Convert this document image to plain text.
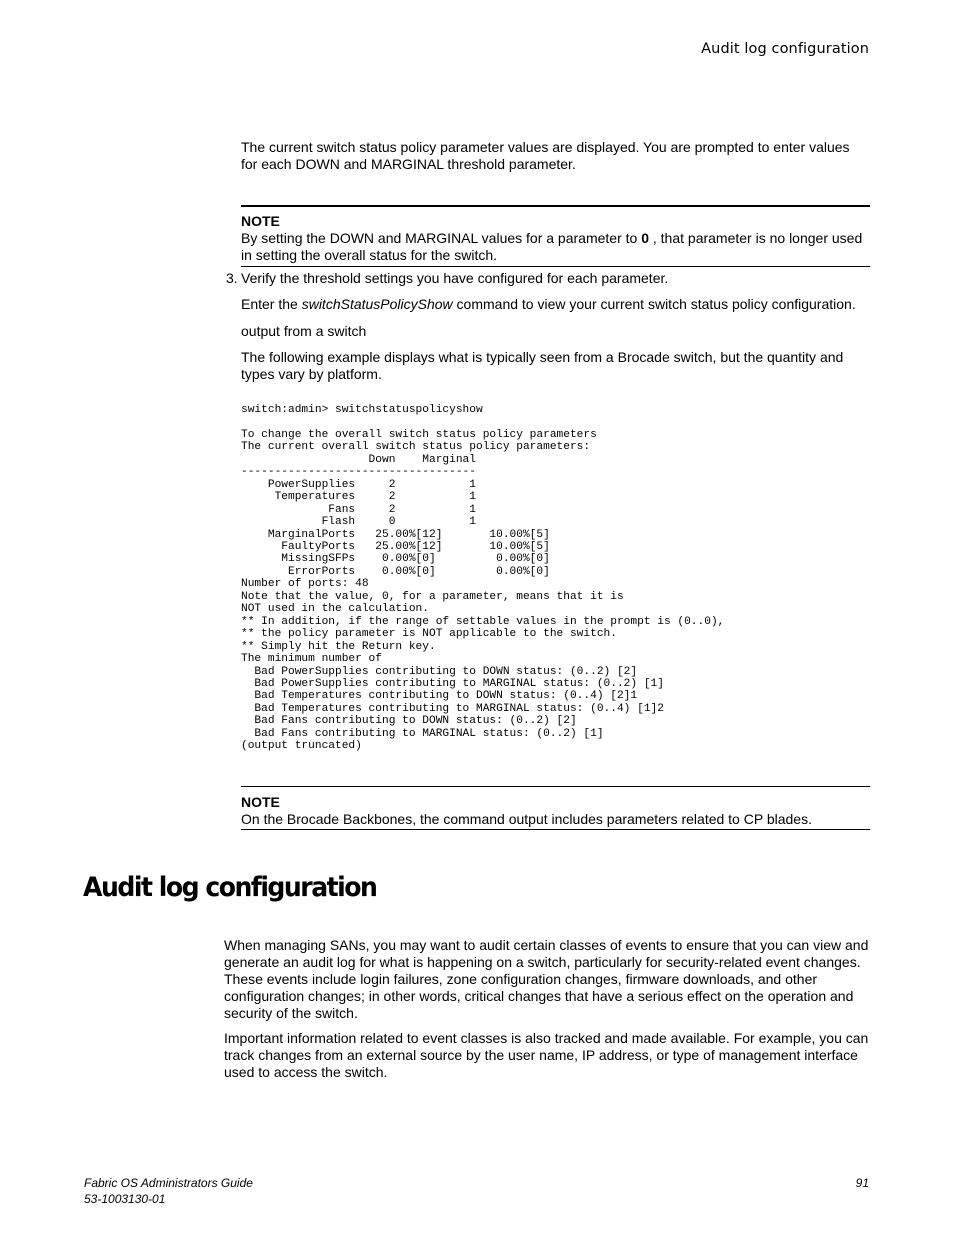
Audit log configuration

The current switch status policy parameter values are displayed. You are prompted to enter values for each DOWN and MARGINAL threshold parameter.

NOTE
By setting the DOWN and MARGINAL values for a parameter to 0 , that parameter is no longer used in setting the overall status for the switch.
3. Verify the threshold settings you have configured for each parameter.
Enter the switchStatusPolicyShow command to view your current switch status policy configuration.
output from a switch

The following example displays what is typically seen from a Brocade switch, but the quantity and types vary by platform.

switch:admin> switchstatuspolicyshow

To change the overall switch status policy parameters
The current overall switch status policy parameters:
Down    Marginal
-----------------------------------
PowerSupplies     2           1
Temperatures     2           1
Fans     2           1
Flash     0           1
MarginalPorts   25.00%[12]       10.00%[5]
FaultyPorts   25.00%[12]       10.00%[5]
MissingSFPs    0.00%[0]         0.00%[0]
ErrorPorts    0.00%[0]         0.00%[0]
Number of ports: 48
Note that the value, 0, for a parameter, means that it is
NOT used in the calculation.
** In addition, if the range of settable values in the prompt is (0..0),
** the policy parameter is NOT applicable to the switch.
** Simply hit the Return key.
The minimum number of
Bad PowerSupplies contributing to DOWN status: (0..2) [2]
Bad PowerSupplies contributing to MARGINAL status: (0..2) [1]
Bad Temperatures contributing to DOWN status: (0..4) [2]1
Bad Temperatures contributing to MARGINAL status: (0..4) [1]2
Bad Fans contributing to DOWN status: (0..2) [2]
Bad Fans contributing to MARGINAL status: (0..2) [1]
(output truncated)
NOTE
On the Brocade Backbones, the command output includes parameters related to CP blades.
Audit log configuration

When managing SANs, you may want to audit certain classes of events to ensure that you can view and generate an audit log for what is happening on a switch, particularly for security-related event changes. These events include login failures, zone configuration changes, firmware downloads, and other configuration changes; in other words, critical changes that have a serious effect on the operation and security of the switch.

Important information related to event classes is also tracked and made available. For example, you can track changes from an external source by the user name, IP address, or type of management interface used to access the switch.

Fabric OS Administrators Guide
53-1003130-01
91
